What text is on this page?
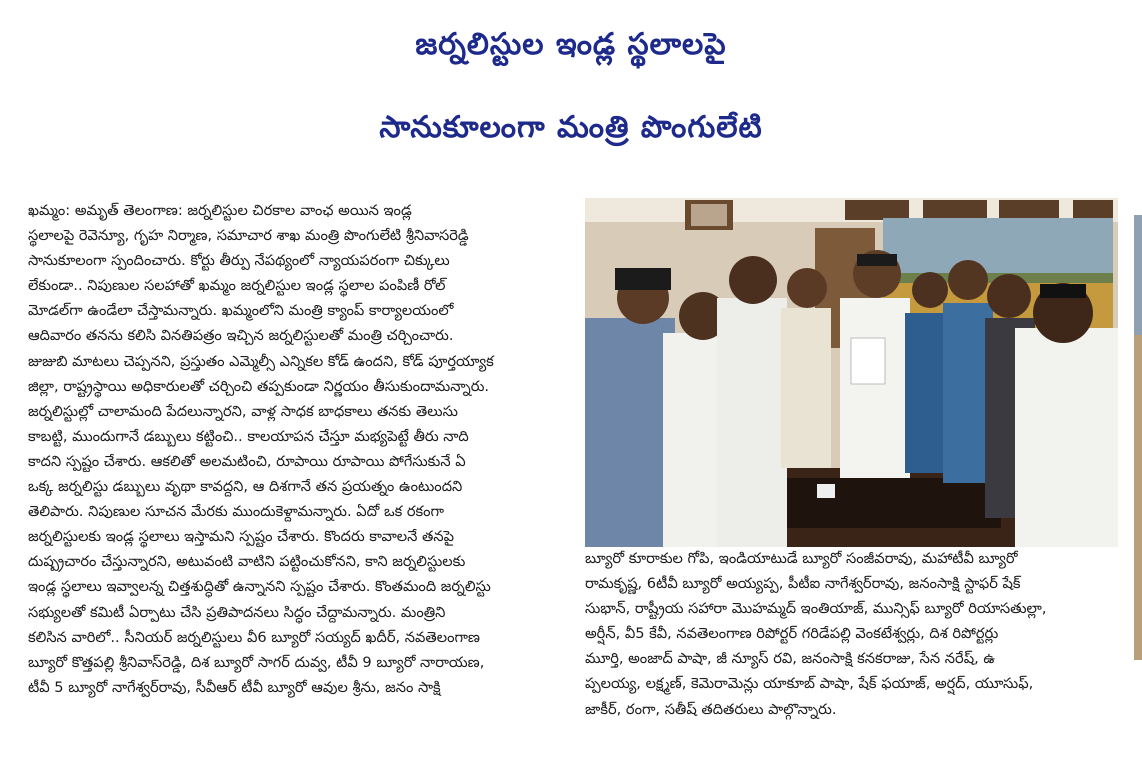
జర్నలిస్టుల ఇండ్ల స్థలాలపై
సానుకూలంగా మంత్రి పొంగులేటి
ఖమ్మం: అమృత్ తెలంగాణ: జర్నలిస్టుల చిరకాల వాంఛ అయిన ఇండ్ల
స్థలాలపై రెవెన్యూ, గృహ నిర్మాణ, సమాచార శాఖ మంత్రి పొంగులేటి శ్రీనివాసరెడ్డి
సానుకూలంగా స్పందించారు. కోర్టు తీర్పు నేపథ్యంలో న్యాయపరంగా చిక్కులు
లేకుండా.. నిపుణుల సలహాతో ఖమ్మం జర్నలిస్టుల ఇండ్ల స్థలాల పంపిణీ రోల్
మోడల్‌గా ఉండేలా చేస్తామన్నారు. ఖమ్మంలోని మంత్రి క్యాంప్ కార్యాలయంలో
ఆదివారం తనను కలిసి వినతిపత్రం ఇచ్చిన జర్నలిస్టులతో మంత్రి చర్చించారు.
జుజుబి మాటలు చెప్పనని, ప్రస్తుతం ఎమ్మెల్సీ ఎన్నికల కోడ్ ఉందని, కోడ్ పూర్తయ్యాక
జిల్లా, రాష్ట్రస్థాయి అధికారులతో చర్చించి తప్పకుండా నిర్ణయం తీసుకుందామన్నారు.
జర్నలిస్టుల్లో చాలామంది పేదలున్నారని, వాళ్ల సాధక బాధకాలు తనకు తెలుసు
కాబట్టి, ముందుగానే డబ్బులు కట్టించి.. కాలయాపన చేస్తూ మభ్యపెట్టే తీరు నాది
కాదని స్పష్టం చేశారు. ఆకలితో అలమటించి, రూపాయి రూపాయి పోగేసుకునే ఏ
ఒక్క జర్నలిస్టు డబ్బులు వృథా కావద్దని, ఆ దిశగానే తన ప్రయత్నం ఉంటుందని
తెలిపారు. నిపుణుల సూచన మేరకు ముందుకెళ్దామన్నారు. ఏదో ఒక రకంగా
జర్నలిస్టులకు ఇండ్ల స్థలాలు ఇస్తామని స్పష్టం చేశారు. కొందరు కావాలనే తనపై
దుష్ప్రచారం చేస్తున్నారని, అటువంటి వాటిని పట్టించుకోనని, కాని జర్నలిస్టులకు
ఇండ్ల స్థలాలు ఇవ్వాలన్న చిత్తశుద్ధితో ఉన్నానని స్పష్టం చేశారు. కొంతమంది జర్నలిస్టు
సభ్యులతో కమిటీ ఏర్పాటు చేసి ప్రతిపాదనలు సిద్ధం చేద్దామన్నారు. మంత్రిని
కలిసిన వారిలో.. సీనియర్ జర్నలిస్టులు వీ6 బ్యూరో సయ్యద్ ఖదీర్, నవతెలంగాణ
బ్యూరో కొత్తపల్లి శ్రీనివాస్‌రెడ్డి, దిశ బ్యూరో సాగర్ దువ్వ, టీవీ 9 బ్యూరో నారాయణ,
టీవీ 5 బ్యూరో నాగేశ్వర్‌రావు, సీవీఆర్ టీవీ బ్యూరో ఆవుల శ్రీను, జనం సాక్షి
బ్యూరో కూరాకుల గోపి, ఇండియాటుడే బ్యూరో సంజీవరావు, మహాటీవీ బ్యూరో
రామకృష్ణ, 6టీవీ బ్యూరో అయ్యప్ప, పీటీఐ నాగేశ్వర్‌రావు, జనంసాక్షి స్టాఫర్ షేక్
సుభాన్, రాష్ట్రీయ సహారా మొహమ్మద్ ఇంతియాజ్, మున్సిఫ్ బ్యూరో రియాసతుల్లా,
అర్షీన్, వీ5 కేవీ, నవతెలంగాణ రిపోర్టర్ గరిడేపల్లి వెంకటేశ్వర్లు, దిశ రిపోర్టర్లు
మూర్తి, అంజాద్ పాషా, జీ న్యూస్ రవి, జనంసాక్షి కనకరాజు, సేన నరేష్, ఉ
ప్పలయ్య, లక్ష్మణ్, కెమెరామెన్లు యాకూబ్ పాషా, షేక్ ఫయాజ్, అర్షద్, యూసుఫ్,
జాకీర్, రంగా, సతీష్ తదితరులు పాల్గొన్నారు.
